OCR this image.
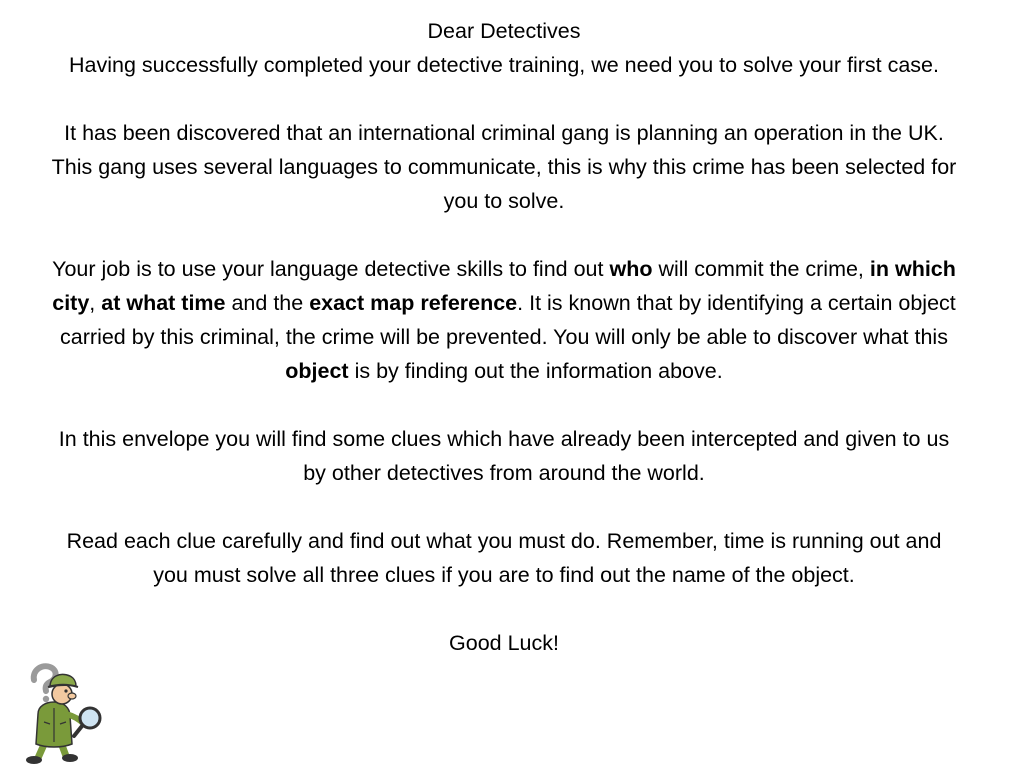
Dear Detectives

Having successfully completed your detective training, we need you to solve your first case.

It has been discovered that an international criminal gang is planning an operation in the UK. This gang uses several languages to communicate, this is why this crime has been selected for you to solve.

Your job is to use your language detective skills to find out who will commit the crime, in which city, at what time and the exact map reference. It is known that by identifying a certain object carried by this criminal, the crime will be prevented. You will only be able to discover what this object is by finding out the information above.

In this envelope you will find some clues which have already been intercepted and given to us by other detectives from around the world.

Read each clue carefully and find out what you must do. Remember, time is running out and you must solve all three clues if you are to find out the name of the object.

Good Luck!
